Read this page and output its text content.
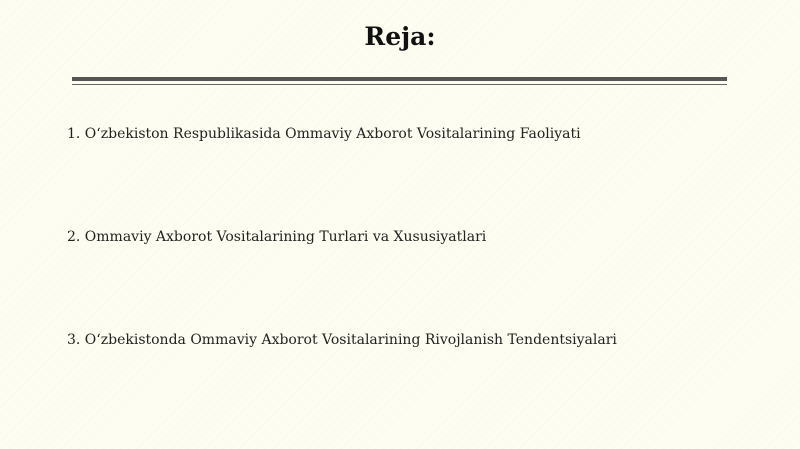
Reja:
1. O‘zbekiston Respublikasida Ommaviy Axborot Vositalarining Faoliyati
2. Ommaviy Axborot Vositalarining Turlari va Xususiyatlari
3. O‘zbekistonda Ommaviy Axborot Vositalarining Rivojlanish Tendentsiyalari
